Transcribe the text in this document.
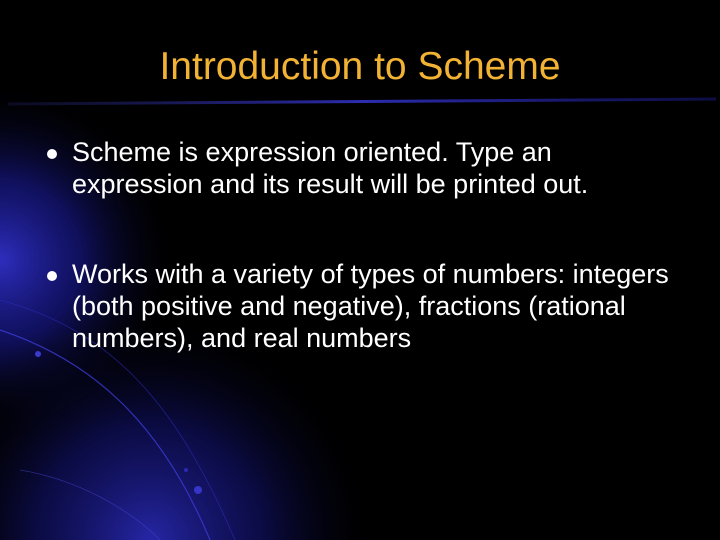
Introduction to Scheme
Scheme is expression oriented. Type an expression and its result will be printed out.
Works with a variety of types of numbers: integers (both positive and negative), fractions (rational numbers), and real numbers
